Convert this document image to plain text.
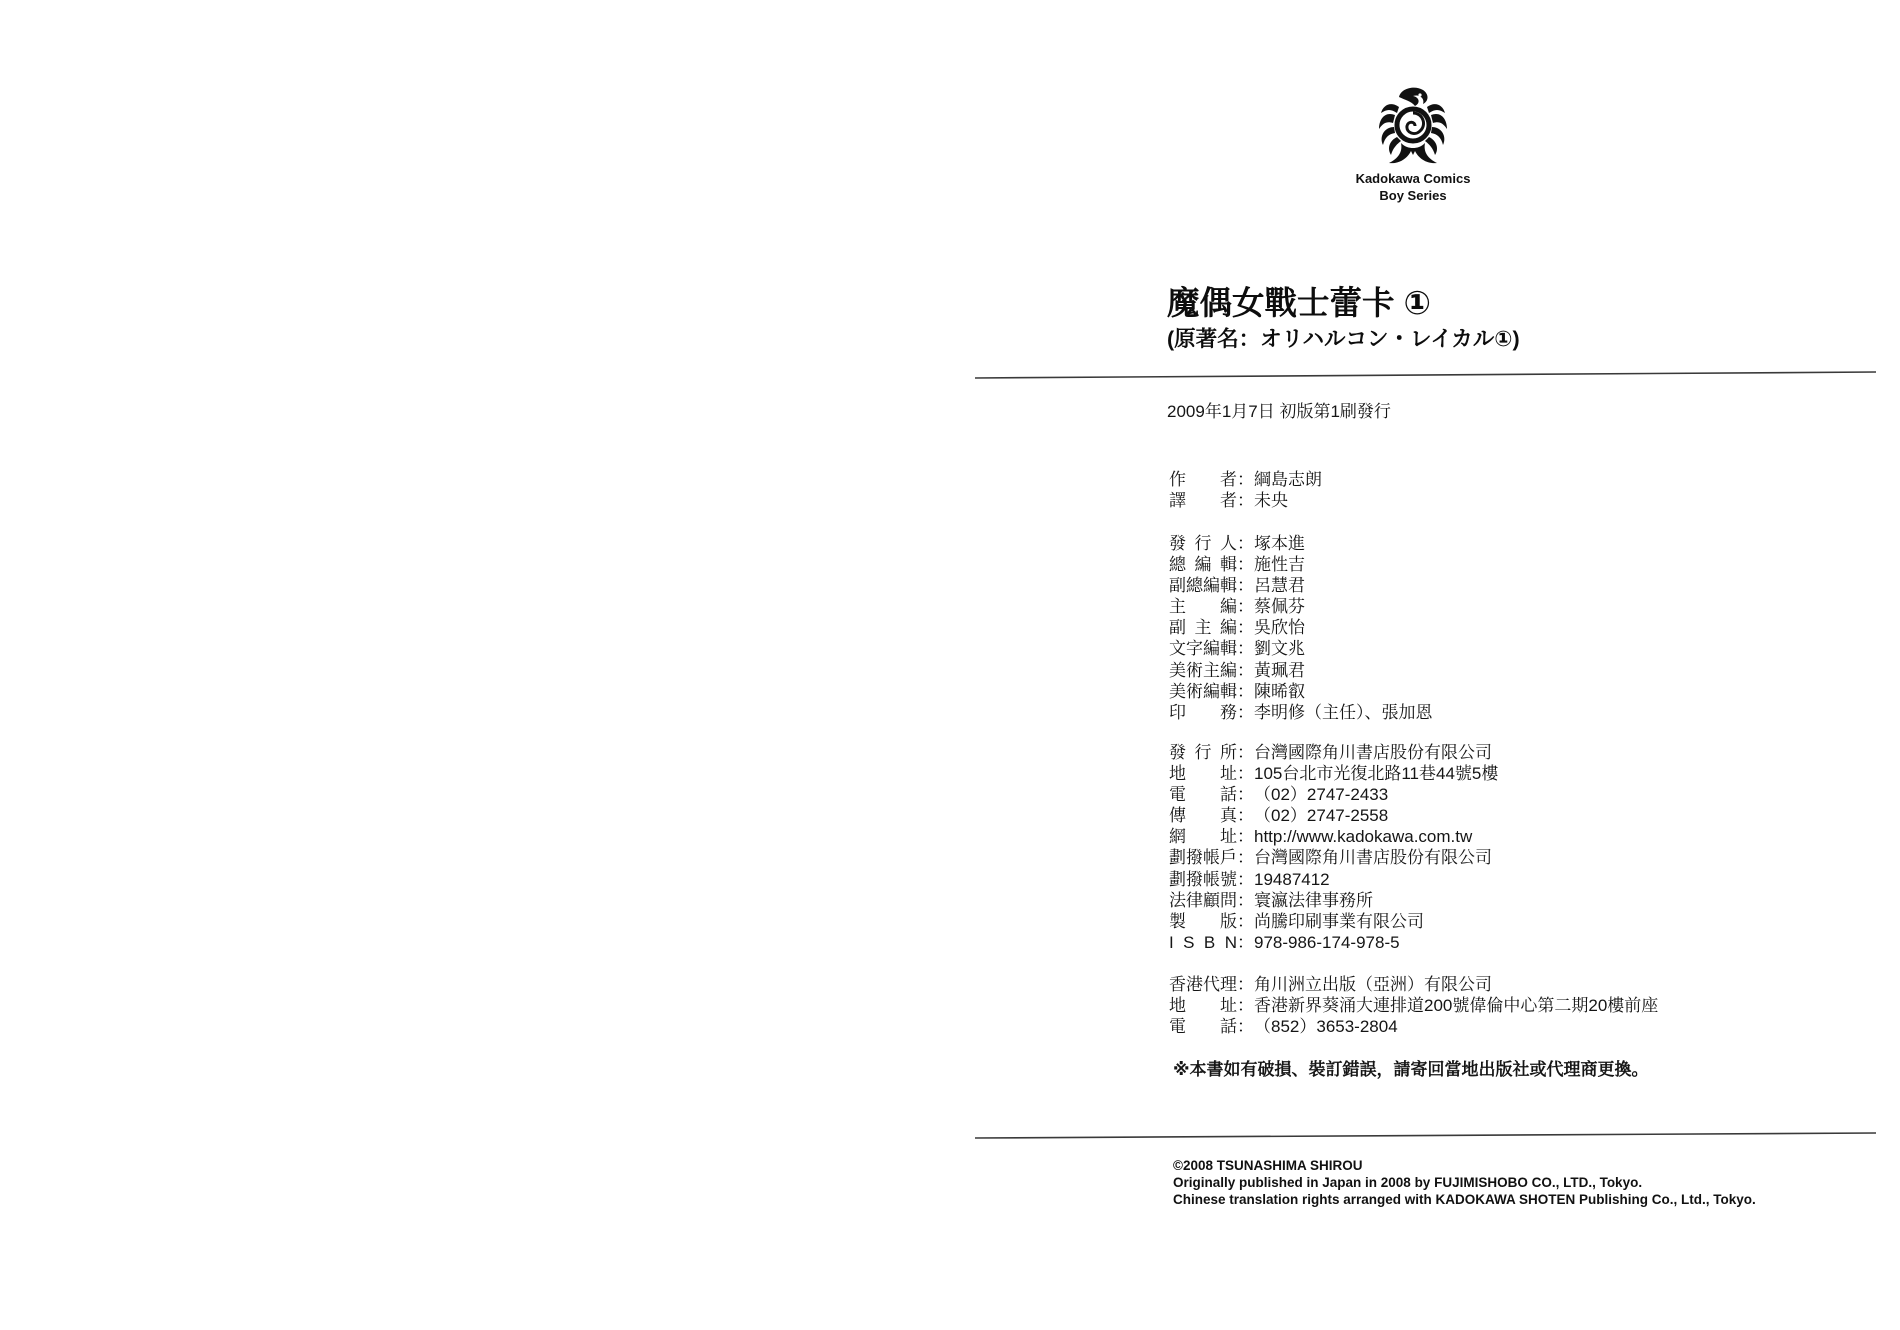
Kadokawa Comics
Boy Series
魔偶女戰士蕾卡 ①
(原著名：オリハルコン・レイカル①)
2009年1月7日 初版第1刷發行
作 者 ： 綱島志朗
譯 者 ： 未央
發 行 人 ： 塚本進
總 編 輯 ： 施性吉
副總編輯 ： 呂慧君
主 編 ： 蔡佩芬
副 主 編 ： 吳欣怡
文字編輯 ： 劉文兆
美術主編 ： 黃珮君
美術編輯 ： 陳晞叡
印 務 ： 李明修（主任）、張加恩
發 行 所 ： 台灣國際角川書店股份有限公司
地 址 ： 105台北市光復北路11巷44號5樓
電 話 ： （02）2747-2433
傳 真 ： （02）2747-2558
網 址 ： http://www.kadokawa.com.tw
劃撥帳戶 ： 台灣國際角川書店股份有限公司
劃撥帳號 ： 19487412
法律顧問 ： 寰瀛法律事務所
製 版 ： 尚騰印刷事業有限公司
I S B N ： 978-986-174-978-5
香港代理 ： 角川洲立出版（亞洲）有限公司
地 址 ： 香港新界葵涌大連排道200號偉倫中心第二期20樓前座
電 話 ： （852）3653-2804
※本書如有破損、裝訂錯誤，請寄回當地出版社或代理商更換。
©2008 TSUNASHIMA SHIROU
Originally published in Japan in 2008 by FUJIMISHOBO CO., LTD., Tokyo.
Chinese translation rights arranged with KADOKAWA SHOTEN Publishing Co., Ltd., Tokyo.
